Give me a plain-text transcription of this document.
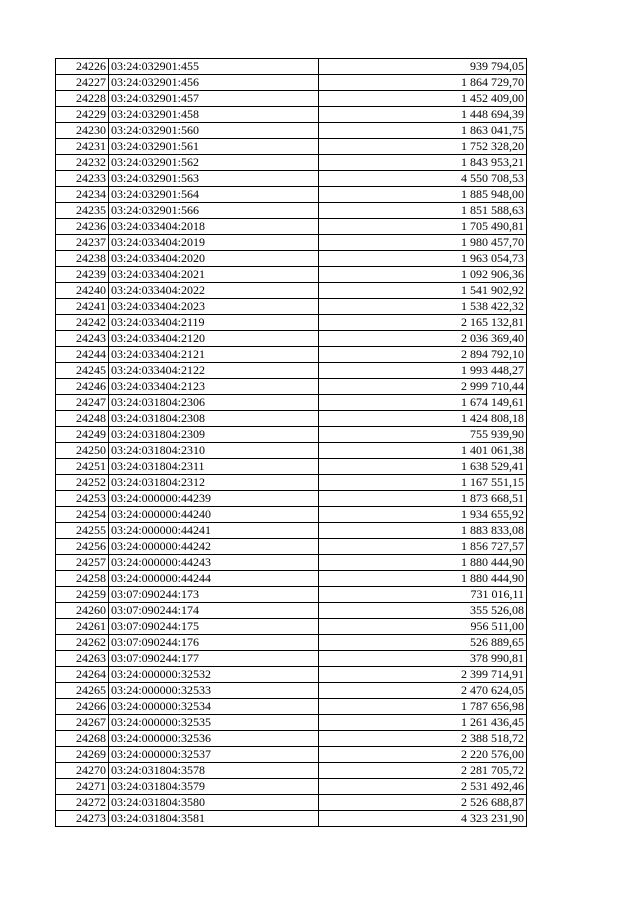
24226	03:24:032901:455	939 794,05
24227	03:24:032901:456	1 864 729,70
24228	03:24:032901:457	1 452 409,00
24229	03:24:032901:458	1 448 694,39
24230	03:24:032901:560	1 863 041,75
24231	03:24:032901:561	1 752 328,20
24232	03:24:032901:562	1 843 953,21
24233	03:24:032901:563	4 550 708,53
24234	03:24:032901:564	1 885 948,00
24235	03:24:032901:566	1 851 588,63
24236	03:24:033404:2018	1 705 490,81
24237	03:24:033404:2019	1 980 457,70
24238	03:24:033404:2020	1 963 054,73
24239	03:24:033404:2021	1 092 906,36
24240	03:24:033404:2022	1 541 902,92
24241	03:24:033404:2023	1 538 422,32
24242	03:24:033404:2119	2 165 132,81
24243	03:24:033404:2120	2 036 369,40
24244	03:24:033404:2121	2 894 792,10
24245	03:24:033404:2122	1 993 448,27
24246	03:24:033404:2123	2 999 710,44
24247	03:24:031804:2306	1 674 149,61
24248	03:24:031804:2308	1 424 808,18
24249	03:24:031804:2309	755 939,90
24250	03:24:031804:2310	1 401 061,38
24251	03:24:031804:2311	1 638 529,41
24252	03:24:031804:2312	1 167 551,15
24253	03:24:000000:44239	1 873 668,51
24254	03:24:000000:44240	1 934 655,92
24255	03:24:000000:44241	1 883 833,08
24256	03:24:000000:44242	1 856 727,57
24257	03:24:000000:44243	1 880 444,90
24258	03:24:000000:44244	1 880 444,90
24259	03:07:090244:173	731 016,11
24260	03:07:090244:174	355 526,08
24261	03:07:090244:175	956 511,00
24262	03:07:090244:176	526 889,65
24263	03:07:090244:177	378 990,81
24264	03:24:000000:32532	2 399 714,91
24265	03:24:000000:32533	2 470 624,05
24266	03:24:000000:32534	1 787 656,98
24267	03:24:000000:32535	1 261 436,45
24268	03:24:000000:32536	2 388 518,72
24269	03:24:000000:32537	2 220 576,00
24270	03:24:031804:3578	2 281 705,72
24271	03:24:031804:3579	2 531 492,46
24272	03:24:031804:3580	2 526 688,87
24273	03:24:031804:3581	4 323 231,90
